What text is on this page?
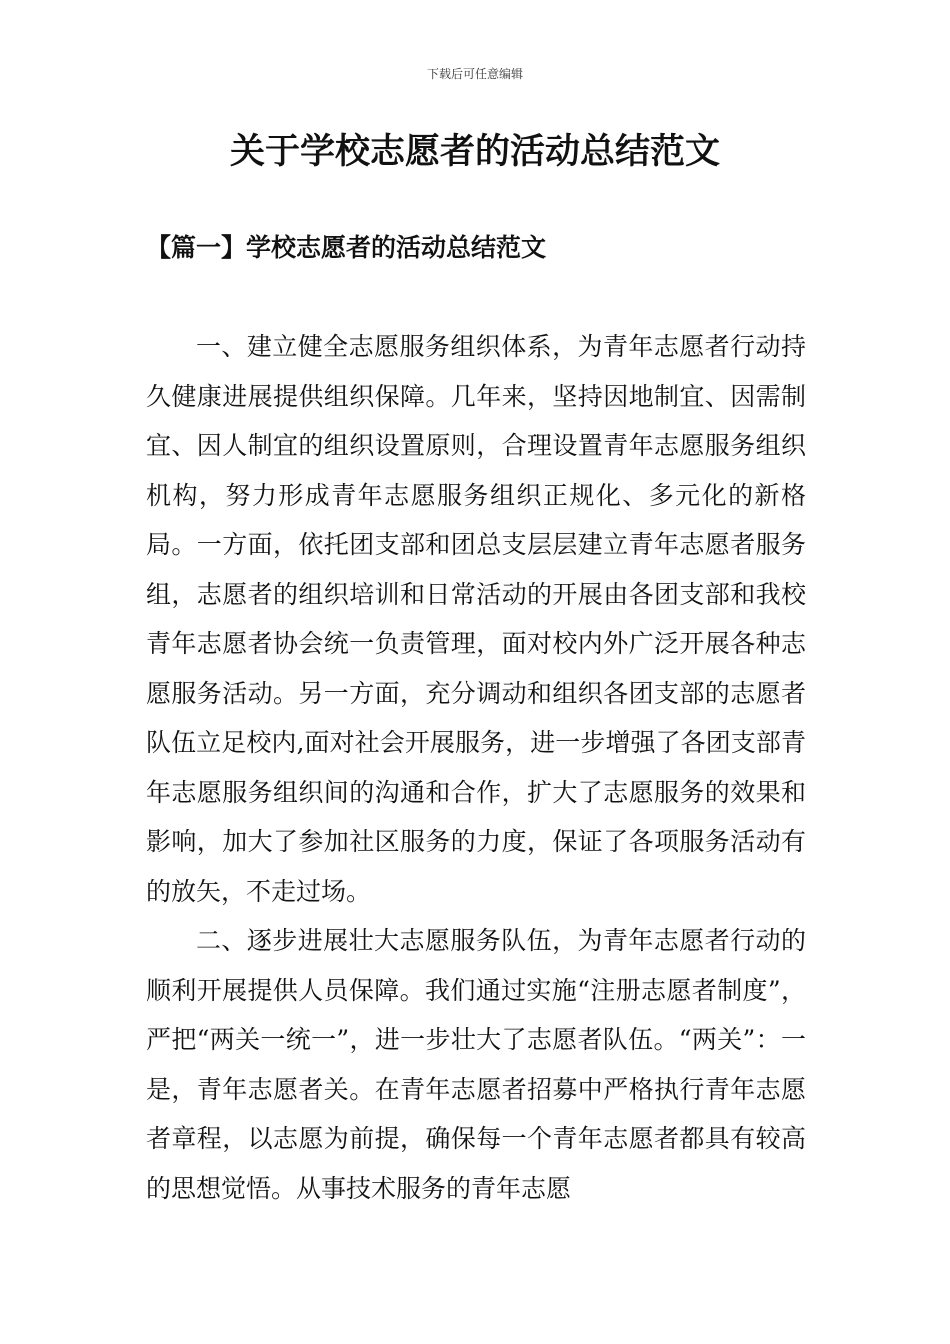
下载后可任意编辑
关于学校志愿者的活动总结范文
【篇一】学校志愿者的活动总结范文

一、建立健全志愿服务组织体系，为青年志愿者行动持久健康进展提供组织保障。几年来，坚持因地制宜、因需制宜、因人制宜的组织设置原则，合理设置青年志愿服务组织机构，努力形成青年志愿服务组织正规化、多元化的新格局。一方面，依托团支部和团总支层层建立青年志愿者服务组，志愿者的组织培训和日常活动的开展由各团支部和我校青年志愿者协会统一负责管理，面对校内外广泛开展各种志愿服务活动。另一方面，充分调动和组织各团支部的志愿者队伍立足校内,面对社会开展服务，进一步增强了各团支部青年志愿服务组织间的沟通和合作，扩大了志愿服务的效果和影响，加大了参加社区服务的力度，保证了各项服务活动有的放矢，不走过场。

二、逐步进展壮大志愿服务队伍，为青年志愿者行动的顺利开展提供人员保障。我们通过实施“注册志愿者制度”，严把“两关一统一”，进一步壮大了志愿者队伍。“两关”：一是，青年志愿者关。在青年志愿者招募中严格执行青年志愿者章程，以志愿为前提，确保每一个青年志愿者都具有较高的思想觉悟。从事技术服务的青年志愿
